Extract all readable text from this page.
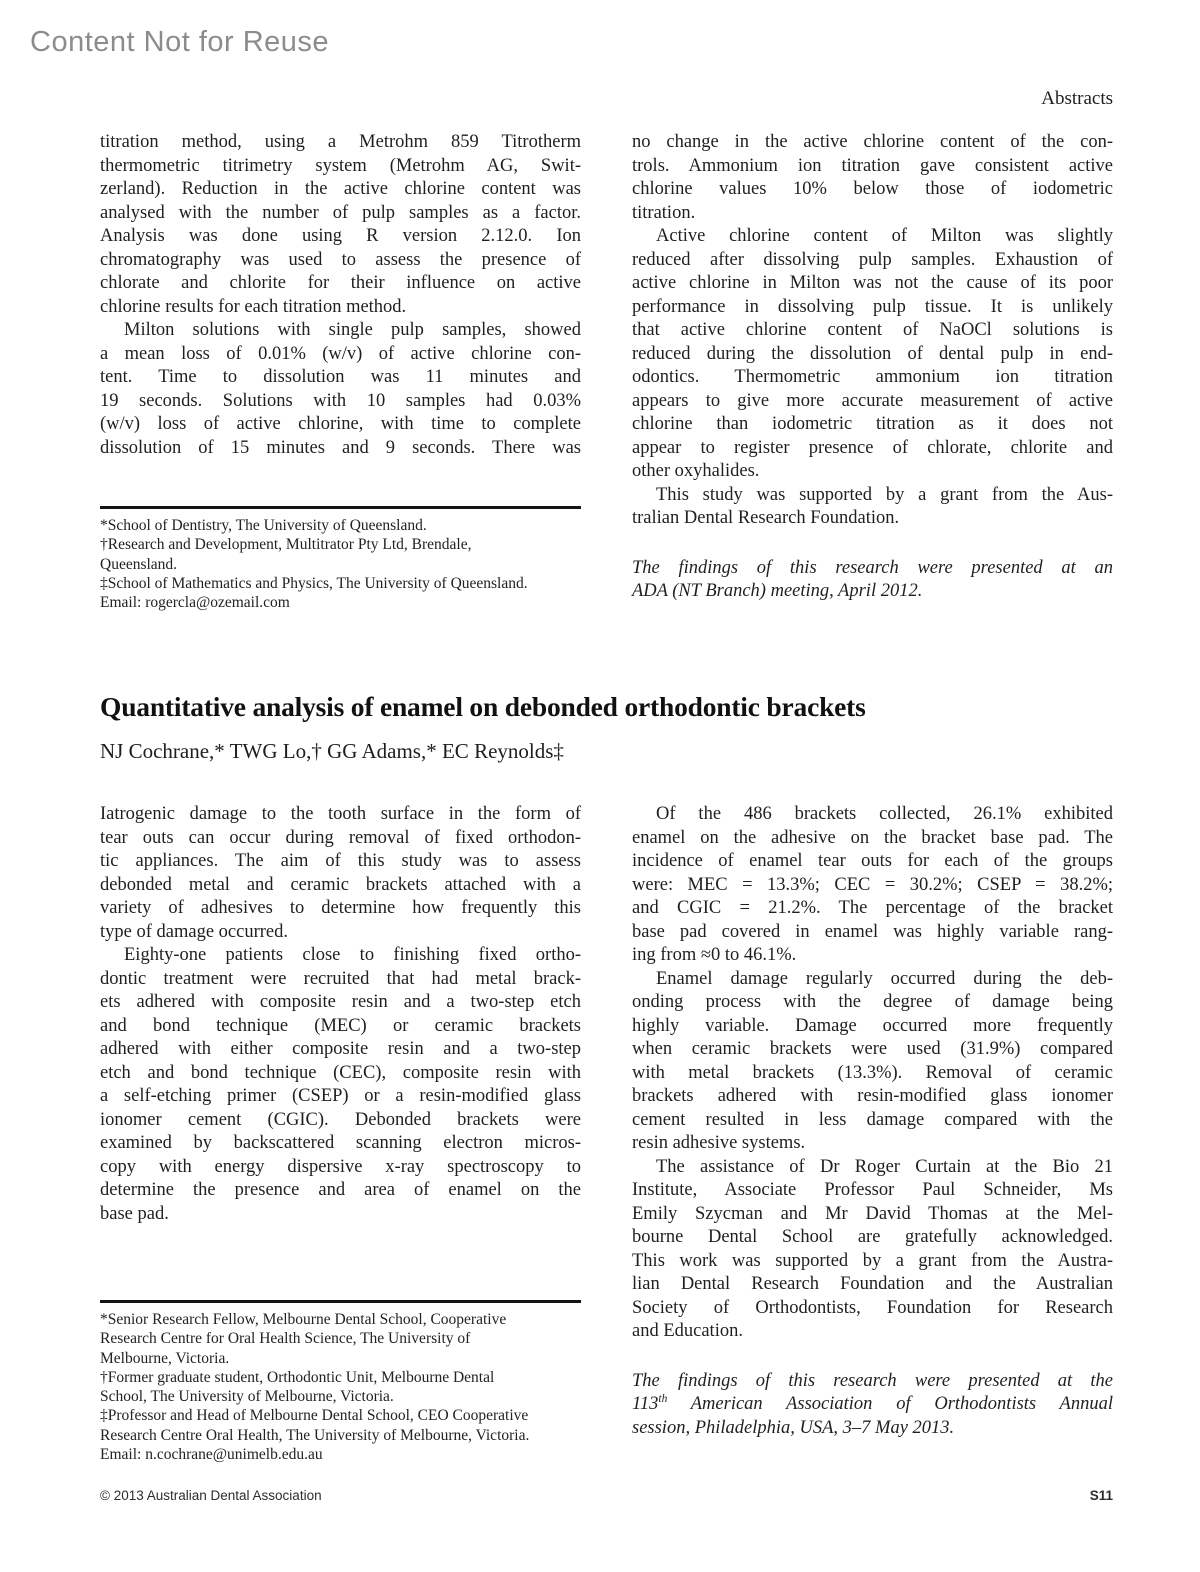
Content Not for Reuse
Abstracts
titration method, using a Metrohm 859 Titrotherm
thermometric titrimetry system (Metrohm AG, Swit-
zerland). Reduction in the active chlorine content was
analysed with the number of pulp samples as a factor.
Analysis was done using R version 2.12.0. Ion
chromatography was used to assess the presence of
chlorate and chlorite for their influence on active
chlorine results for each titration method.
Milton solutions with single pulp samples, showed
a mean loss of 0.01% (w/v) of active chlorine con-
tent. Time to dissolution was 11 minutes and
19 seconds. Solutions with 10 samples had 0.03%
(w/v) loss of active chlorine, with time to complete
dissolution of 15 minutes and 9 seconds. There was
no change in the active chlorine content of the con-
trols. Ammonium ion titration gave consistent active
chlorine values 10% below those of iodometric
titration.
Active chlorine content of Milton was slightly
reduced after dissolving pulp samples. Exhaustion of
active chlorine in Milton was not the cause of its poor
performance in dissolving pulp tissue. It is unlikely
that active chlorine content of NaOCl solutions is
reduced during the dissolution of dental pulp in end-
odontics. Thermometric ammonium ion titration
appears to give more accurate measurement of active
chlorine than iodometric titration as it does not
appear to register presence of chlorate, chlorite and
other oxyhalides.
This study was supported by a grant from the Aus-
tralian Dental Research Foundation.
The findings of this research were presented at an
ADA (NT Branch) meeting, April 2012.
*School of Dentistry, The University of Queensland.
†Research and Development, Multitrator Pty Ltd, Brendale,
Queensland.
‡School of Mathematics and Physics, The University of Queensland.
Email: rogercla@ozemail.com
Quantitative analysis of enamel on debonded orthodontic brackets
NJ Cochrane,* TWG Lo,† GG Adams,* EC Reynolds‡
Iatrogenic damage to the tooth surface in the form of
tear outs can occur during removal of fixed orthodon-
tic appliances. The aim of this study was to assess
debonded metal and ceramic brackets attached with a
variety of adhesives to determine how frequently this
type of damage occurred.
Eighty-one patients close to finishing fixed ortho-
dontic treatment were recruited that had metal brack-
ets adhered with composite resin and a two-step etch
and bond technique (MEC) or ceramic brackets
adhered with either composite resin and a two-step
etch and bond technique (CEC), composite resin with
a self-etching primer (CSEP) or a resin-modified glass
ionomer cement (CGIC). Debonded brackets were
examined by backscattered scanning electron micros-
copy with energy dispersive x-ray spectroscopy to
determine the presence and area of enamel on the
base pad.
Of the 486 brackets collected, 26.1% exhibited
enamel on the adhesive on the bracket base pad. The
incidence of enamel tear outs for each of the groups
were: MEC = 13.3%; CEC = 30.2%; CSEP = 38.2%;
and CGIC = 21.2%. The percentage of the bracket
base pad covered in enamel was highly variable rang-
ing from ≈0 to 46.1%.
Enamel damage regularly occurred during the deb-
onding process with the degree of damage being
highly variable. Damage occurred more frequently
when ceramic brackets were used (31.9%) compared
with metal brackets (13.3%). Removal of ceramic
brackets adhered with resin-modified glass ionomer
cement resulted in less damage compared with the
resin adhesive systems.
The assistance of Dr Roger Curtain at the Bio 21
Institute, Associate Professor Paul Schneider, Ms
Emily Szycman and Mr David Thomas at the Mel-
bourne Dental School are gratefully acknowledged.
This work was supported by a grant from the Austra-
lian Dental Research Foundation and the Australian
Society of Orthodontists, Foundation for Research
and Education.
The findings of this research were presented at the
113th American Association of Orthodontists Annual
session, Philadelphia, USA, 3–7 May 2013.
*Senior Research Fellow, Melbourne Dental School, Cooperative
Research Centre for Oral Health Science, The University of
Melbourne, Victoria.
†Former graduate student, Orthodontic Unit, Melbourne Dental
School, The University of Melbourne, Victoria.
‡Professor and Head of Melbourne Dental School, CEO Cooperative
Research Centre Oral Health, The University of Melbourne, Victoria.
Email: n.cochrane@unimelb.edu.au
© 2013 Australian Dental Association	S11
